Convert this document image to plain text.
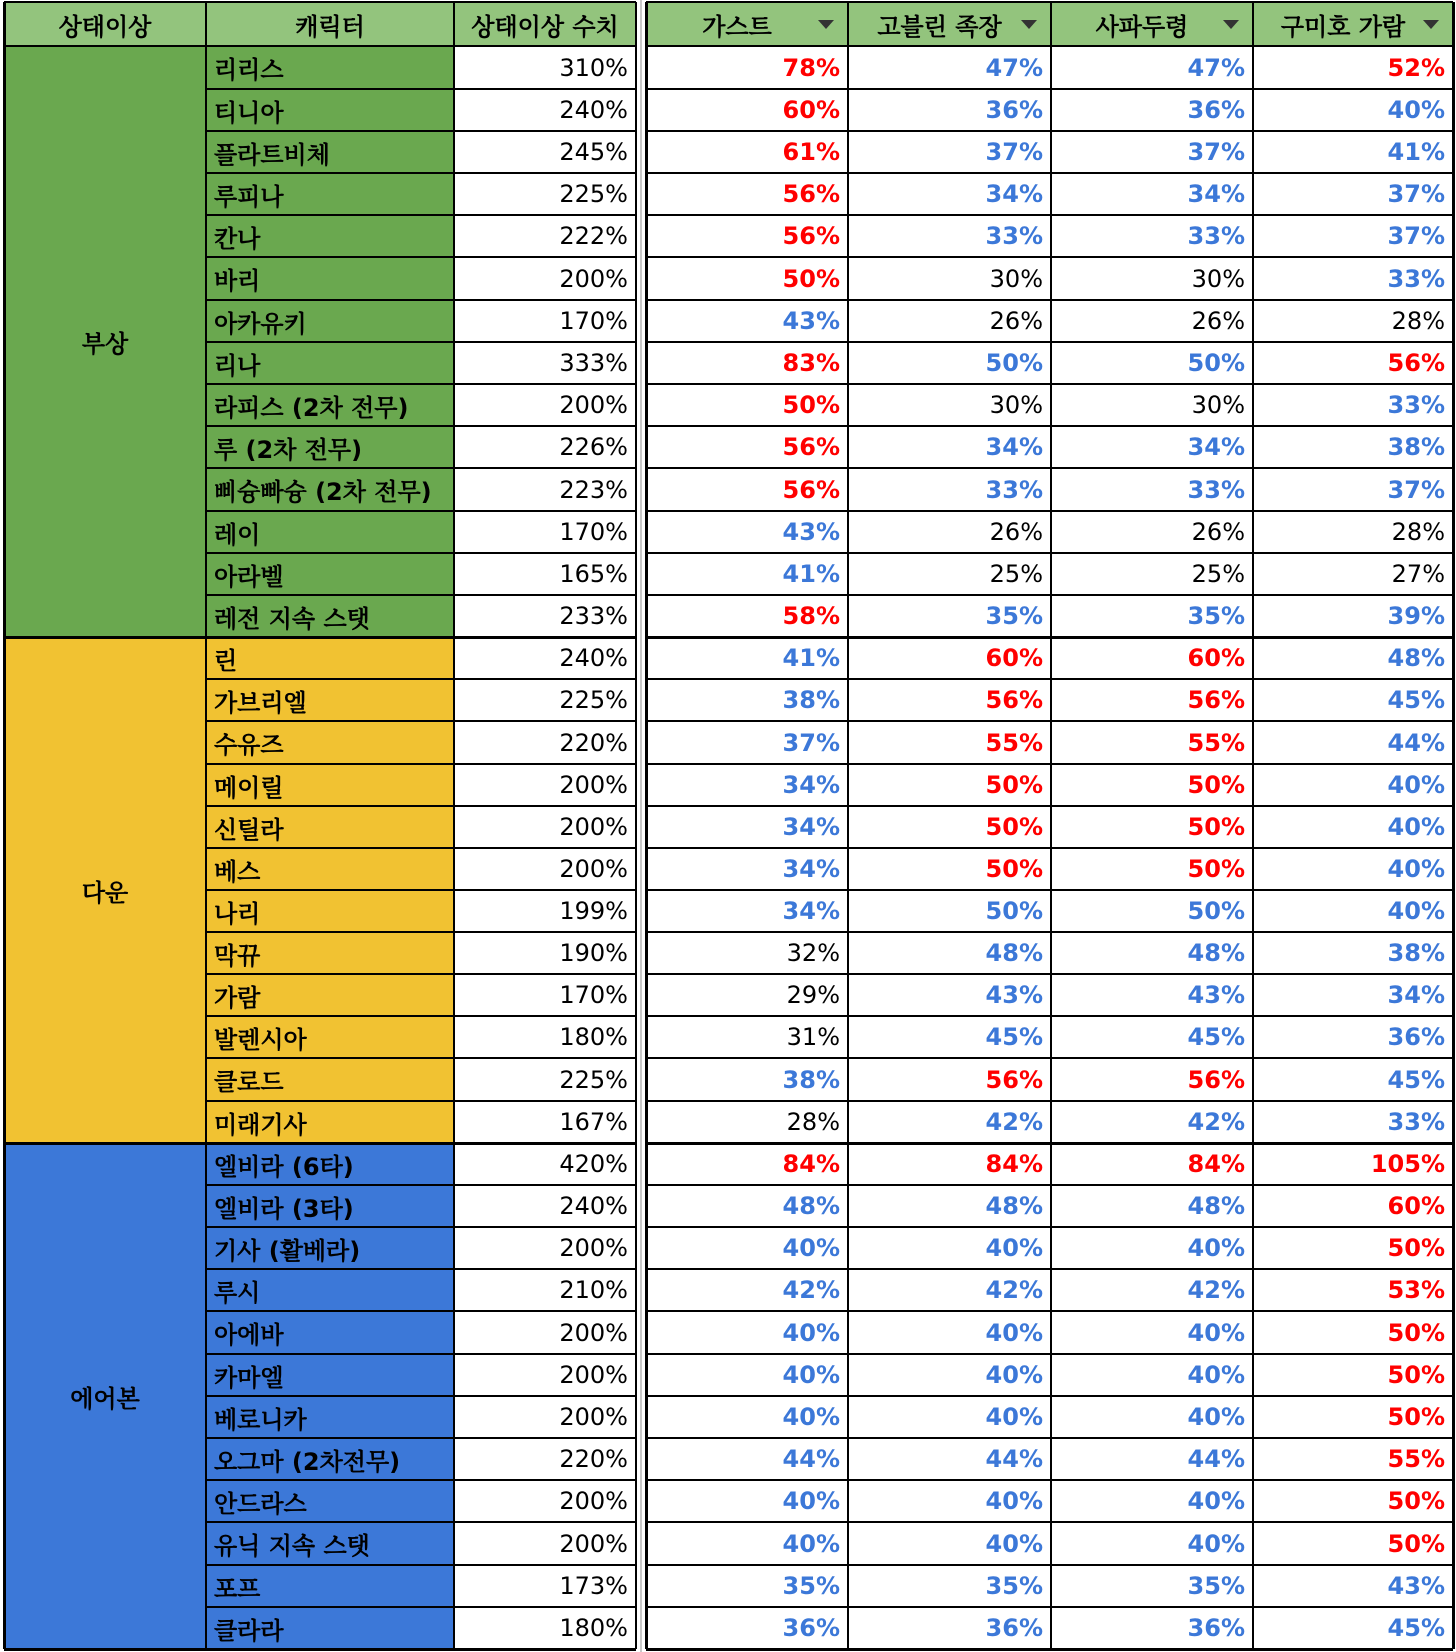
상태이상	캐릭터	상태이상 수치	가스트	고블린 족장	사파두령	구미호 가람
부상
리리스	310%	78%	47%	47%	52%
티니아	240%	60%	36%	36%	40%
플라트비체	245%	61%	37%	37%	41%
루피나	225%	56%	34%	34%	37%
칸나	222%	56%	33%	33%	37%
바리	200%	50%	30%	30%	33%
아카유키	170%	43%	26%	26%	28%
리나	333%	83%	50%	50%	56%
라피스 (2차 전무)	200%	50%	30%	30%	33%
루 (2차 전무)	226%	56%	34%	34%	38%
삐슝빠슝 (2차 전무)	223%	56%	33%	33%	37%
레이	170%	43%	26%	26%	28%
아라벨	165%	41%	25%	25%	27%
레전 지속 스탯	233%	58%	35%	35%	39%
다운
린	240%	41%	60%	60%	48%
가브리엘	225%	38%	56%	56%	45%
수유즈	220%	37%	55%	55%	44%
메이릴	200%	34%	50%	50%	40%
신틸라	200%	34%	50%	50%	40%
베스	200%	34%	50%	50%	40%
나리	199%	34%	50%	50%	40%
막뀨	190%	32%	48%	48%	38%
가람	170%	29%	43%	43%	34%
발렌시아	180%	31%	45%	45%	36%
클로드	225%	38%	56%	56%	45%
미래기사	167%	28%	42%	42%	33%
에어본
엘비라 (6타)	420%	84%	84%	84%	105%
엘비라 (3타)	240%	48%	48%	48%	60%
기사 (활베라)	200%	40%	40%	40%	50%
루시	210%	42%	42%	42%	53%
아에바	200%	40%	40%	40%	50%
카마엘	200%	40%	40%	40%	50%
베로니카	200%	40%	40%	40%	50%
오그마 (2차전무)	220%	44%	44%	44%	55%
안드라스	200%	40%	40%	40%	50%
유닉 지속 스탯	200%	40%	40%	40%	50%
포프	173%	35%	35%	35%	43%
클라라	180%	36%	36%	36%	45%
